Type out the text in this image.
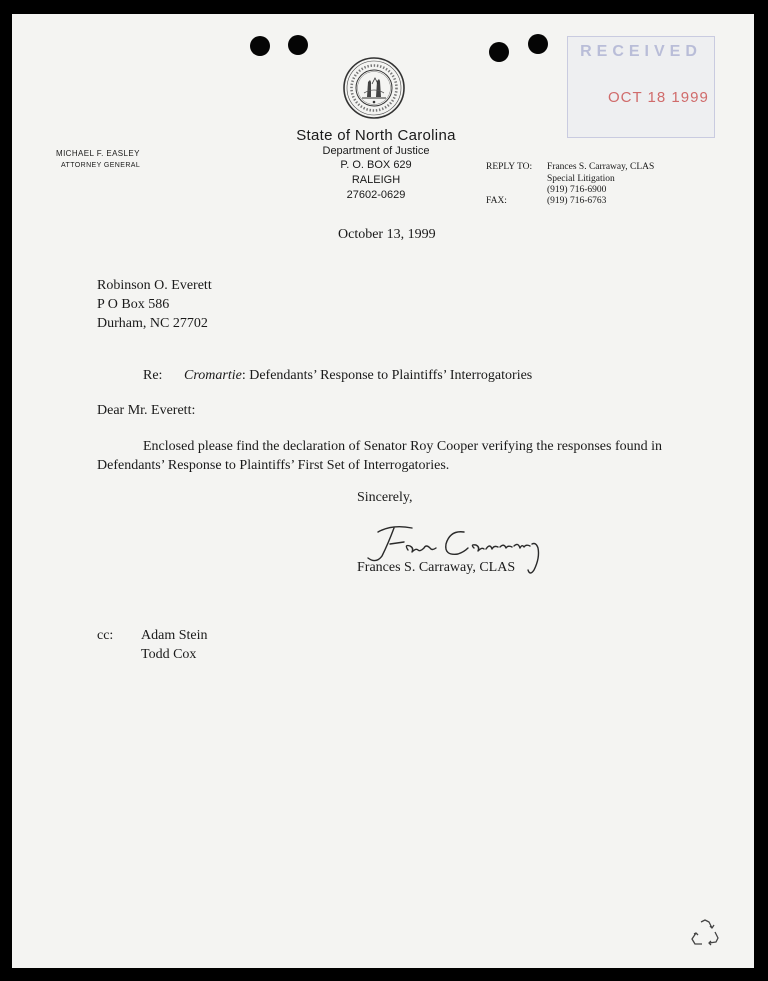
RECEIVED
OCT 18 1999
State of North Carolina
Department of Justice
P. O. BOX 629
RALEIGH
27602-0629
MICHAEL F. EASLEY
ATTORNEY GENERAL	REPLY TO: Frances S. Carraway, CLAS
Special Litigation
(919) 716-6900
FAX:	(919) 716-6763
October 13, 1999
Robinson O. Everett
P O Box 586
Durham, NC 27702
Re: Cromartie: Defendants’ Response to Plaintiffs’ Interrogatories
Dear Mr. Everett:
Enclosed please find the declaration of Senator Roy Cooper verifying the responses found in
Defendants’ Response to Plaintiffs’ First Set of Interrogatories.
Sincerely,
Frances S. Carraway, CLAS
cc: Adam Stein
Todd Cox
